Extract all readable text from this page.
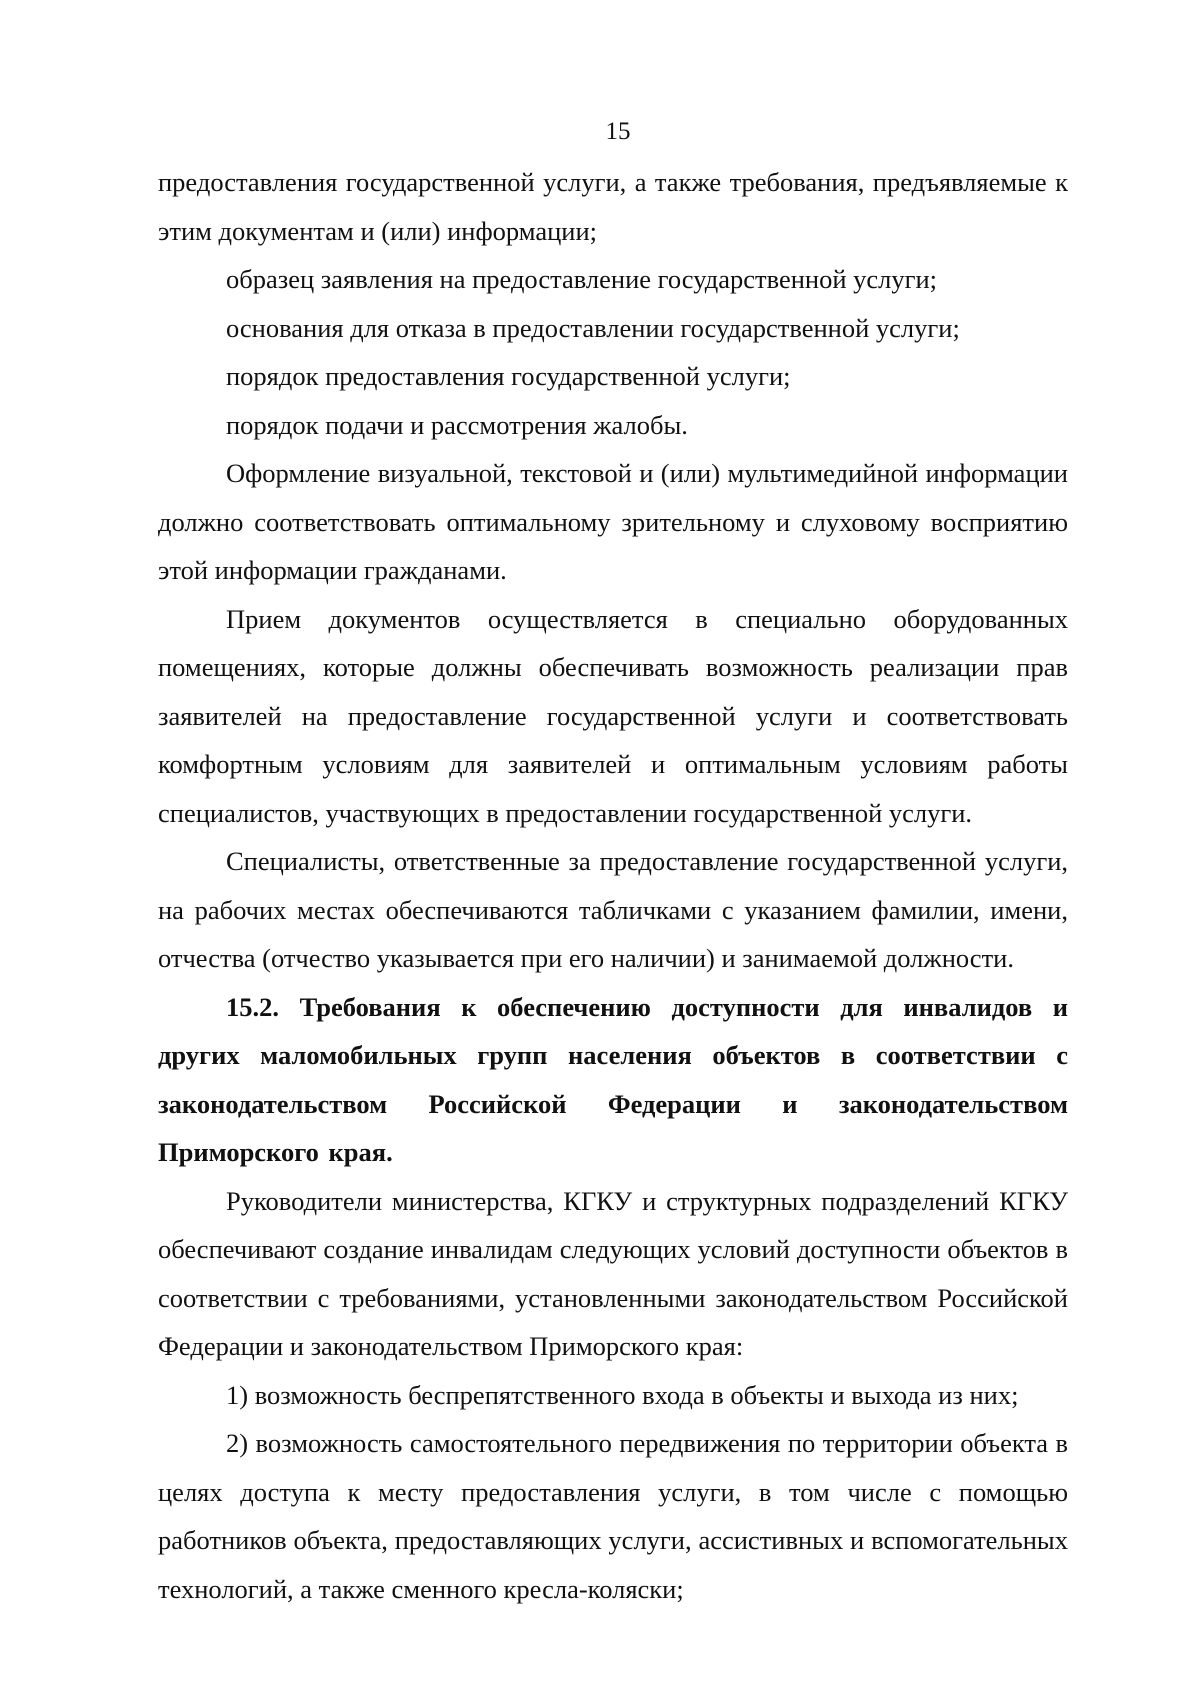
15

предоставления государственной услуги, а также требования, предъявляемые к этим документам и (или) информации;

образец заявления на предоставление государственной услуги;

основания для отказа в предоставлении государственной услуги;

порядок предоставления государственной услуги;

порядок подачи и рассмотрения жалобы.

Оформление визуальной, текстовой и (или) мультимедийной информации должно соответствовать оптимальному зрительному и слуховому восприятию этой информации гражданами.

Прием документов осуществляется в специально оборудованных помещениях, которые должны обеспечивать возможность реализации прав заявителей на предоставление государственной услуги и соответствовать комфортным условиям для заявителей и оптимальным условиям работы специалистов, участвующих в предоставлении государственной услуги.

Специалисты, ответственные за предоставление государственной услуги, на рабочих местах обеспечиваются табличками с указанием фамилии, имени, отчества (отчество указывается при его наличии) и занимаемой должности.

15.2. Требования к обеспечению доступности для инвалидов и других маломобильных групп населения объектов в соответствии с законодательством Российской Федерации и законодательством Приморского края.

Руководители министерства, КГКУ и структурных подразделений КГКУ обеспечивают создание инвалидам следующих условий доступности объектов в соответствии с требованиями, установленными законодательством Российской Федерации и законодательством Приморского края:

1) возможность беспрепятственного входа в объекты и выхода из них;

2) возможность самостоятельного передвижения по территории объекта в целях доступа к месту предоставления услуги, в том числе с помощью работников объекта, предоставляющих услуги, ассистивных и вспомогательных технологий, а также сменного кресла-коляски;
